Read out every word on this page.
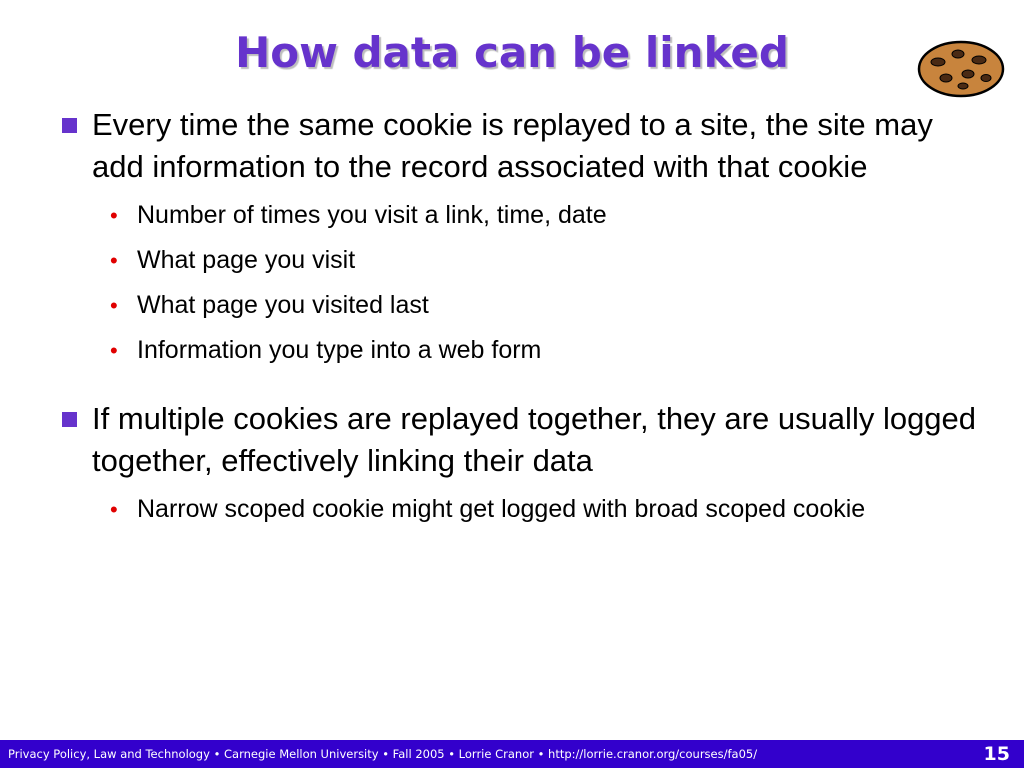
How data can be linked
Every time the same cookie is replayed to a site, the site may add information to the record associated with that cookie
• Number of times you visit a link, time, date
• What page you visit
• What page you visited last
• Information you type into a web form
If multiple cookies are replayed together, they are usually logged together, effectively linking their data
• Narrow scoped cookie might get logged with broad scoped cookie
Privacy Policy, Law and Technology • Carnegie Mellon University • Fall 2005 • Lorrie Cranor • http://lorrie.cranor.org/courses/fa05/	15
